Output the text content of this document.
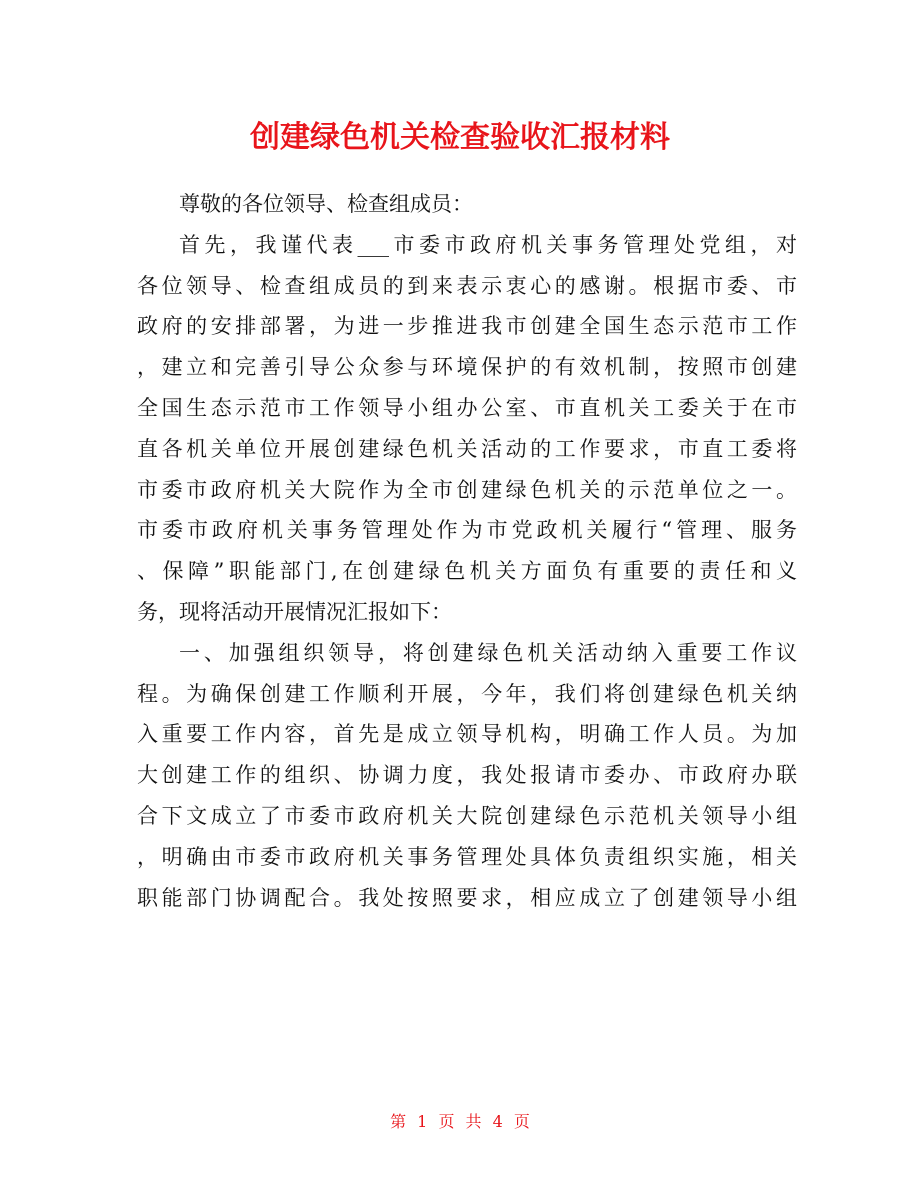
创建绿色机关检查验收汇报材料
尊敬的各位领导、检查组成员：
首先，我谨代表___市委市政府机关事务管理处党组，对
各位领导、检查组成员的到来表示衷心的感谢。根据市委、市
政府的安排部署，为进一步推进我市创建全国生态示范市工作
，建立和完善引导公众参与环境保护的有效机制，按照市创建
全国生态示范市工作领导小组办公室、市直机关工委关于在市
直各机关单位开展创建绿色机关活动的工作要求，市直工委将
市委市政府机关大院作为全市创建绿色机关的示范单位之一。
市委市政府机关事务管理处作为市党政机关履行“管理、服务
、保障”职能部门,在创建绿色机关方面负有重要的责任和义
务，现将活动开展情况汇报如下：
一、加强组织领导，将创建绿色机关活动纳入重要工作议
程。为确保创建工作顺利开展，今年，我们将创建绿色机关纳
入重要工作内容，首先是成立领导机构，明确工作人员。为加
大创建工作的组织、协调力度，我处报请市委办、市政府办联
合下文成立了市委市政府机关大院创建绿色示范机关领导小组
，明确由市委市政府机关事务管理处具体负责组织实施，相关
职能部门协调配合。我处按照要求，相应成立了创建领导小组
第 1 页 共 4 页
